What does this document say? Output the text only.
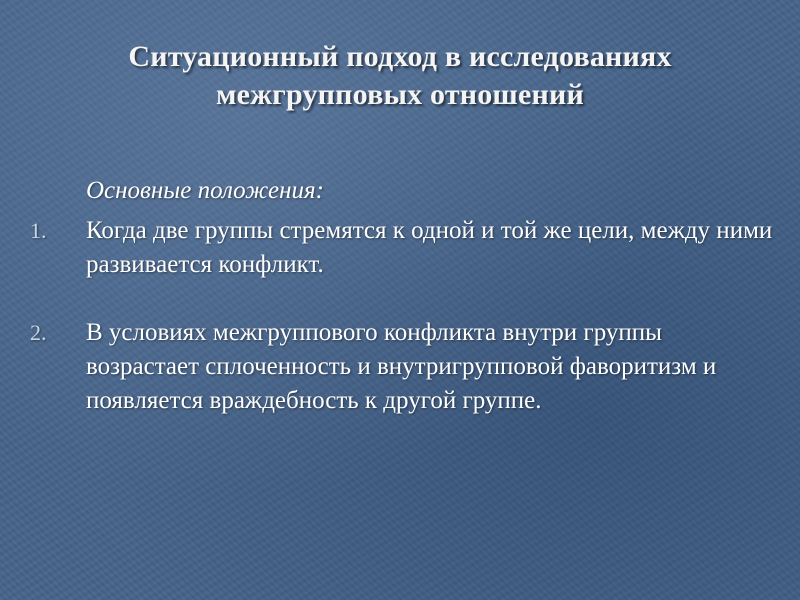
Ситуационный подход в исследованиях
межгрупповых отношений
Основные положения:
1.	Когда две группы стремятся к одной и той же цели, между ними развивается конфликт.
2.	В условиях межгруппового конфликта внутри группы возрастает сплоченность и внутригрупповой фаворитизм и появляется враждебность к другой группе.
